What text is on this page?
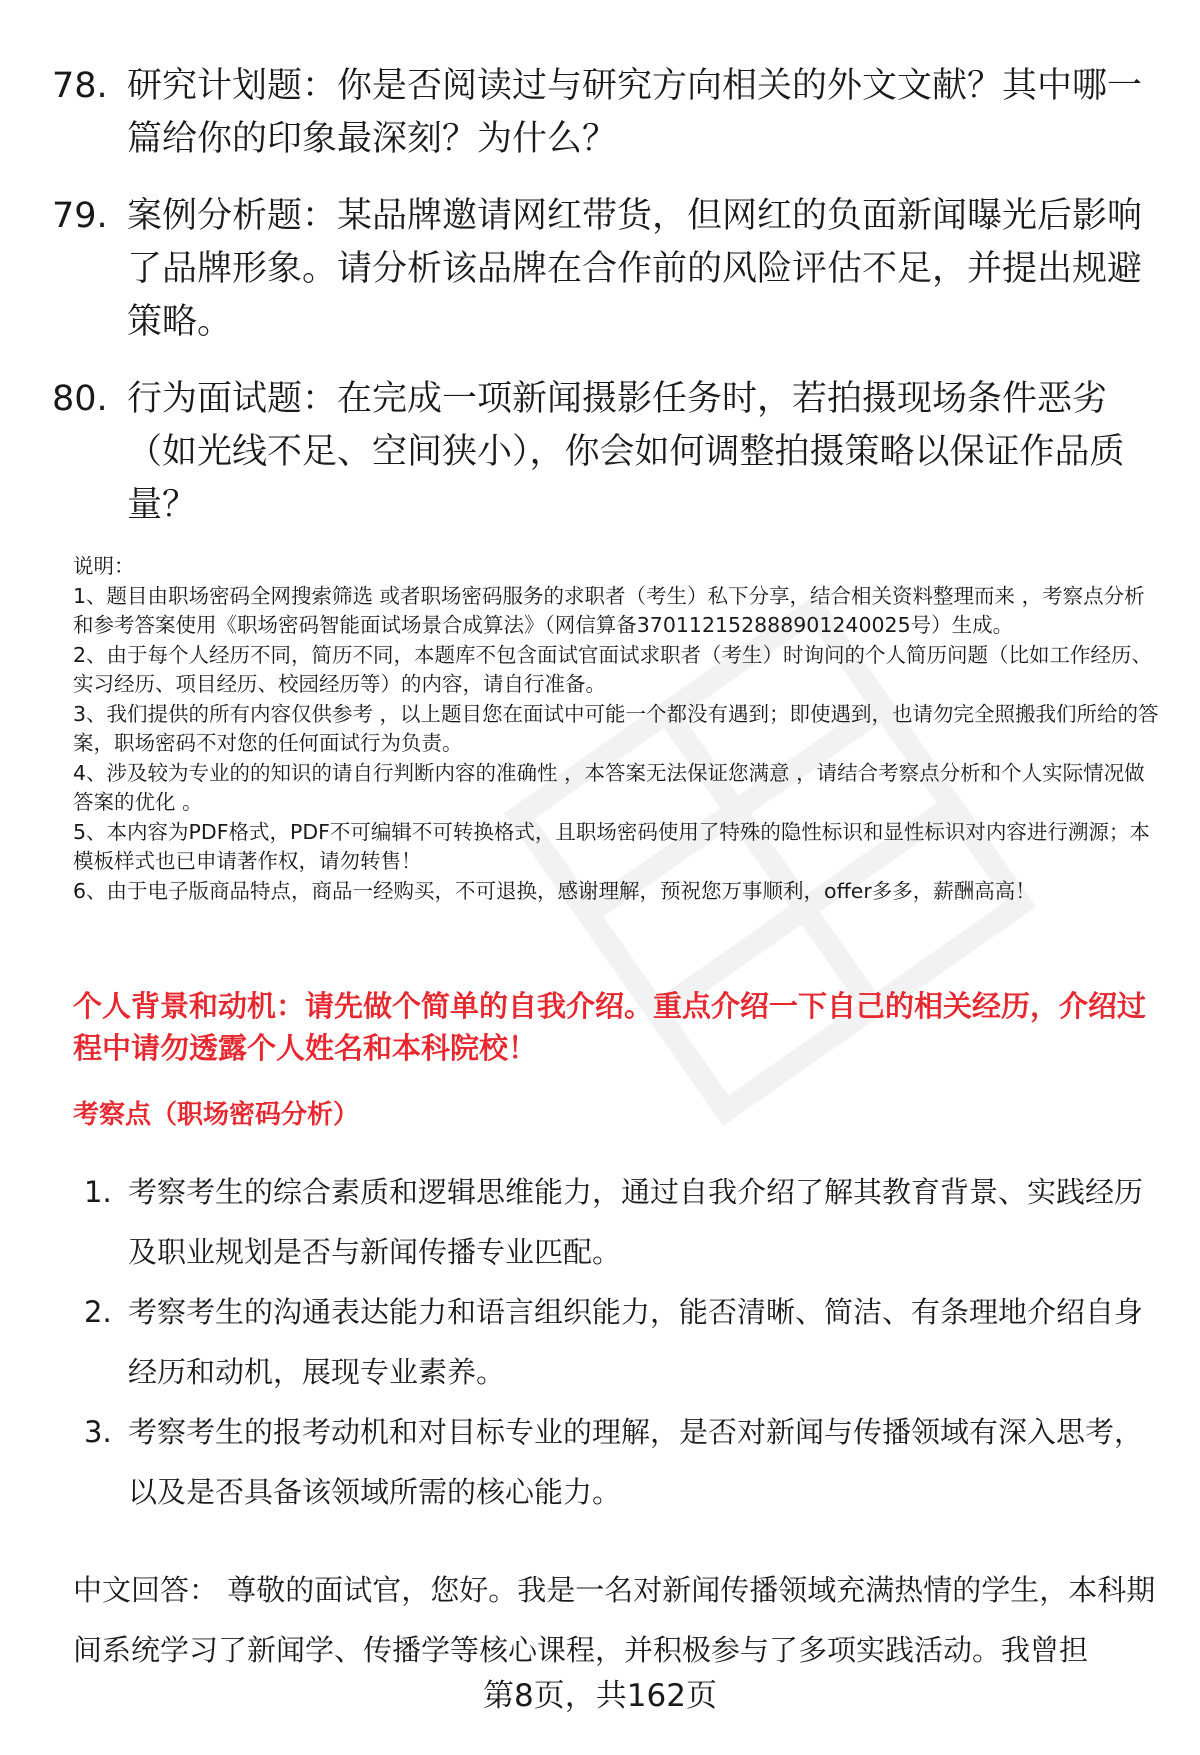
78. 研究计划题：你是否阅读过与研究方向相关的外文文献？其中哪一篇给你的印象最深刻？为什么？
79. 案例分析题：某品牌邀请网红带货，但网红的负面新闻曝光后影响了品牌形象。请分析该品牌在合作前的风险评估不足，并提出规避策略。
80. 行为面试题：在完成一项新闻摄影任务时，若拍摄现场条件恶劣（如光线不足、空间狭小），你会如何调整拍摄策略以保证作品质量？

说明：

1、题目由职场密码全网搜索筛选 或者职场密码服务的求职者（考生）私下分享，结合相关资料整理而来 ，考察点分析和参考答案使用《职场密码智能面试场景合成算法》（网信算备370112152888901240025号）生成。

2、由于每个人经历不同，简历不同，本题库不包含面试官面试求职者（考生）时询问的个人简历问题（比如工作经历、实习经历、项目经历、校园经历等）的内容，请自行准备。

3、我们提供的所有内容仅供参考 ，以上题目您在面试中可能一个都没有遇到；即使遇到，也请勿完全照搬我们所给的答案，职场密码不对您的任何面试行为负责。

4、涉及较为专业的的知识的请自行判断内容的准确性 ，本答案无法保证您满意 ，请结合考察点分析和个人实际情况做答案的优化 。

5、本内容为PDF格式，PDF不可编辑不可转换格式，且职场密码使用了特殊的隐性标识和显性标识对内容进行溯源；本模板样式也已申请著作权，请勿转售！

6、由于电子版商品特点，商品一经购买，不可退换，感谢理解，预祝您万事顺利，offer多多，薪酬高高！

个人背景和动机：请先做个简单的自我介绍。重点介绍一下自己的相关经历，介绍过程中请勿透露个人姓名和本科院校！
考察点（职场密码分析）
1. 考察考生的综合素质和逻辑思维能力，通过自我介绍了解其教育背景、实践经历及职业规划是否与新闻传播专业匹配。
2. 考察考生的沟通表达能力和语言组织能力，能否清晰、简洁、有条理地介绍自身经历和动机，展现专业素养。
3. 考察考生的报考动机和对目标专业的理解，是否对新闻与传播领域有深入思考，以及是否具备该领域所需的核心能力。

中文回答： 尊敬的面试官，您好。我是一名对新闻传播领域充满热情的学生，本科期间系统学习了新闻学、传播学等核心课程，并积极参与了多项实践活动。我曾担

第8页，共162页
